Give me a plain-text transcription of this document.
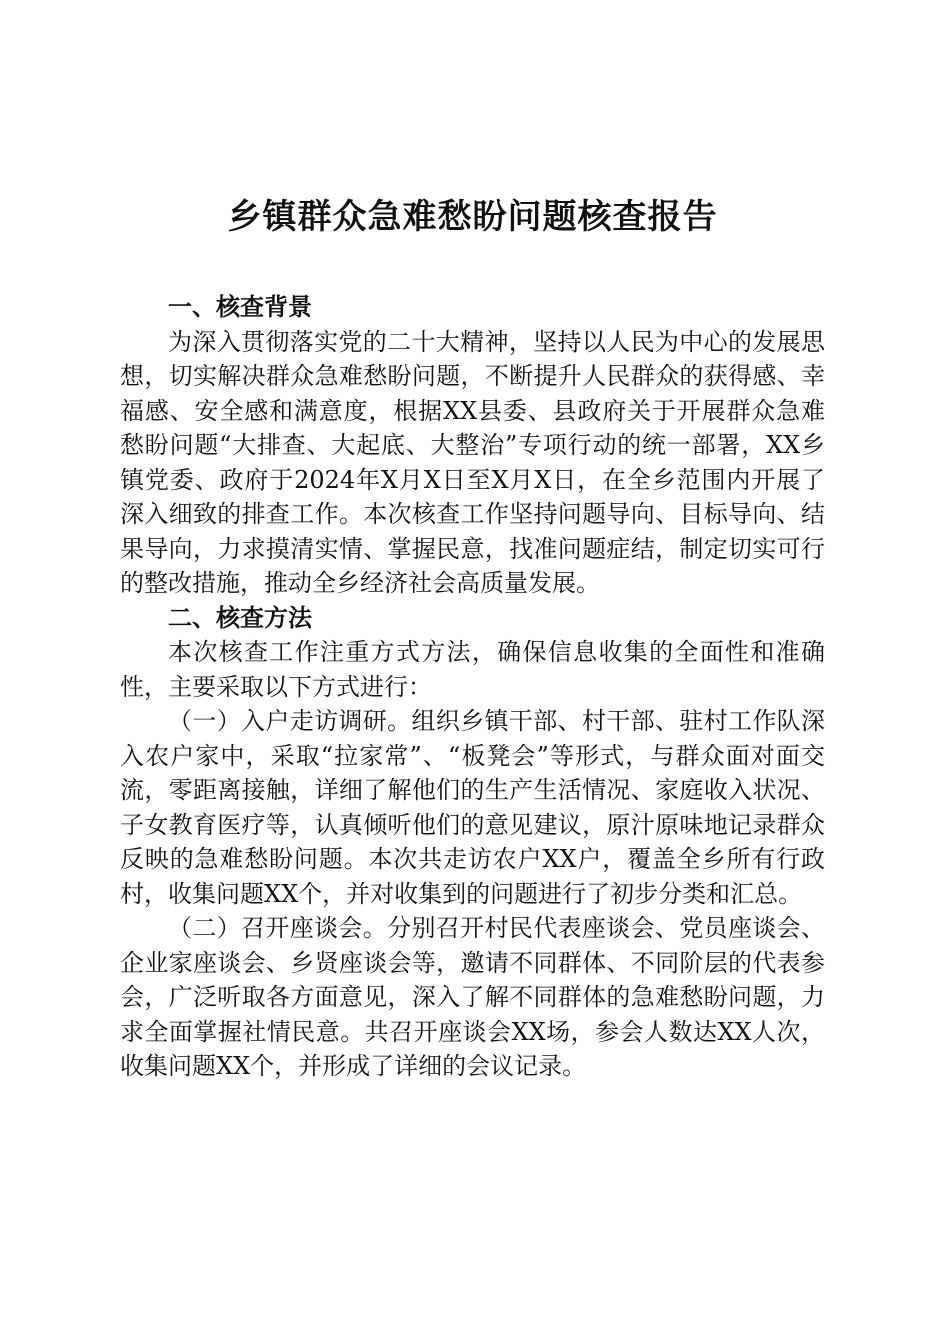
乡镇群众急难愁盼问题核查报告

一、核查背景

为深入贯彻落实党的二十大精神，坚持以人民为中心的发展思想，切实解决群众急难愁盼问题，不断提升人民群众的获得感、幸福感、安全感和满意度，根据XX县委、县政府关于开展群众急难愁盼问题“大排查、大起底、大整治”专项行动的统一部署，XX乡镇党委、政府于2024年X月X日至X月X日，在全乡范围内开展了深入细致的排查工作。本次核查工作坚持问题导向、目标导向、结果导向，力求摸清实情、掌握民意，找准问题症结，制定切实可行的整改措施，推动全乡经济社会高质量发展。

二、核查方法

本次核查工作注重方式方法，确保信息收集的全面性和准确性，主要采取以下方式进行：

（一）入户走访调研。组织乡镇干部、村干部、驻村工作队深入农户家中，采取“拉家常”、“板凳会”等形式，与群众面对面交流，零距离接触，详细了解他们的生产生活情况、家庭收入状况、子女教育医疗等，认真倾听他们的意见建议，原汁原味地记录群众反映的急难愁盼问题。本次共走访农户XX户，覆盖全乡所有行政村，收集问题XX个，并对收集到的问题进行了初步分类和汇总。

（二）召开座谈会。分别召开村民代表座谈会、党员座谈会、企业家座谈会、乡贤座谈会等，邀请不同群体、不同阶层的代表参会，广泛听取各方面意见，深入了解不同群体的急难愁盼问题，力求全面掌握社情民意。共召开座谈会XX场，参会人数达XX人次，收集问题XX个，并形成了详细的会议记录。
